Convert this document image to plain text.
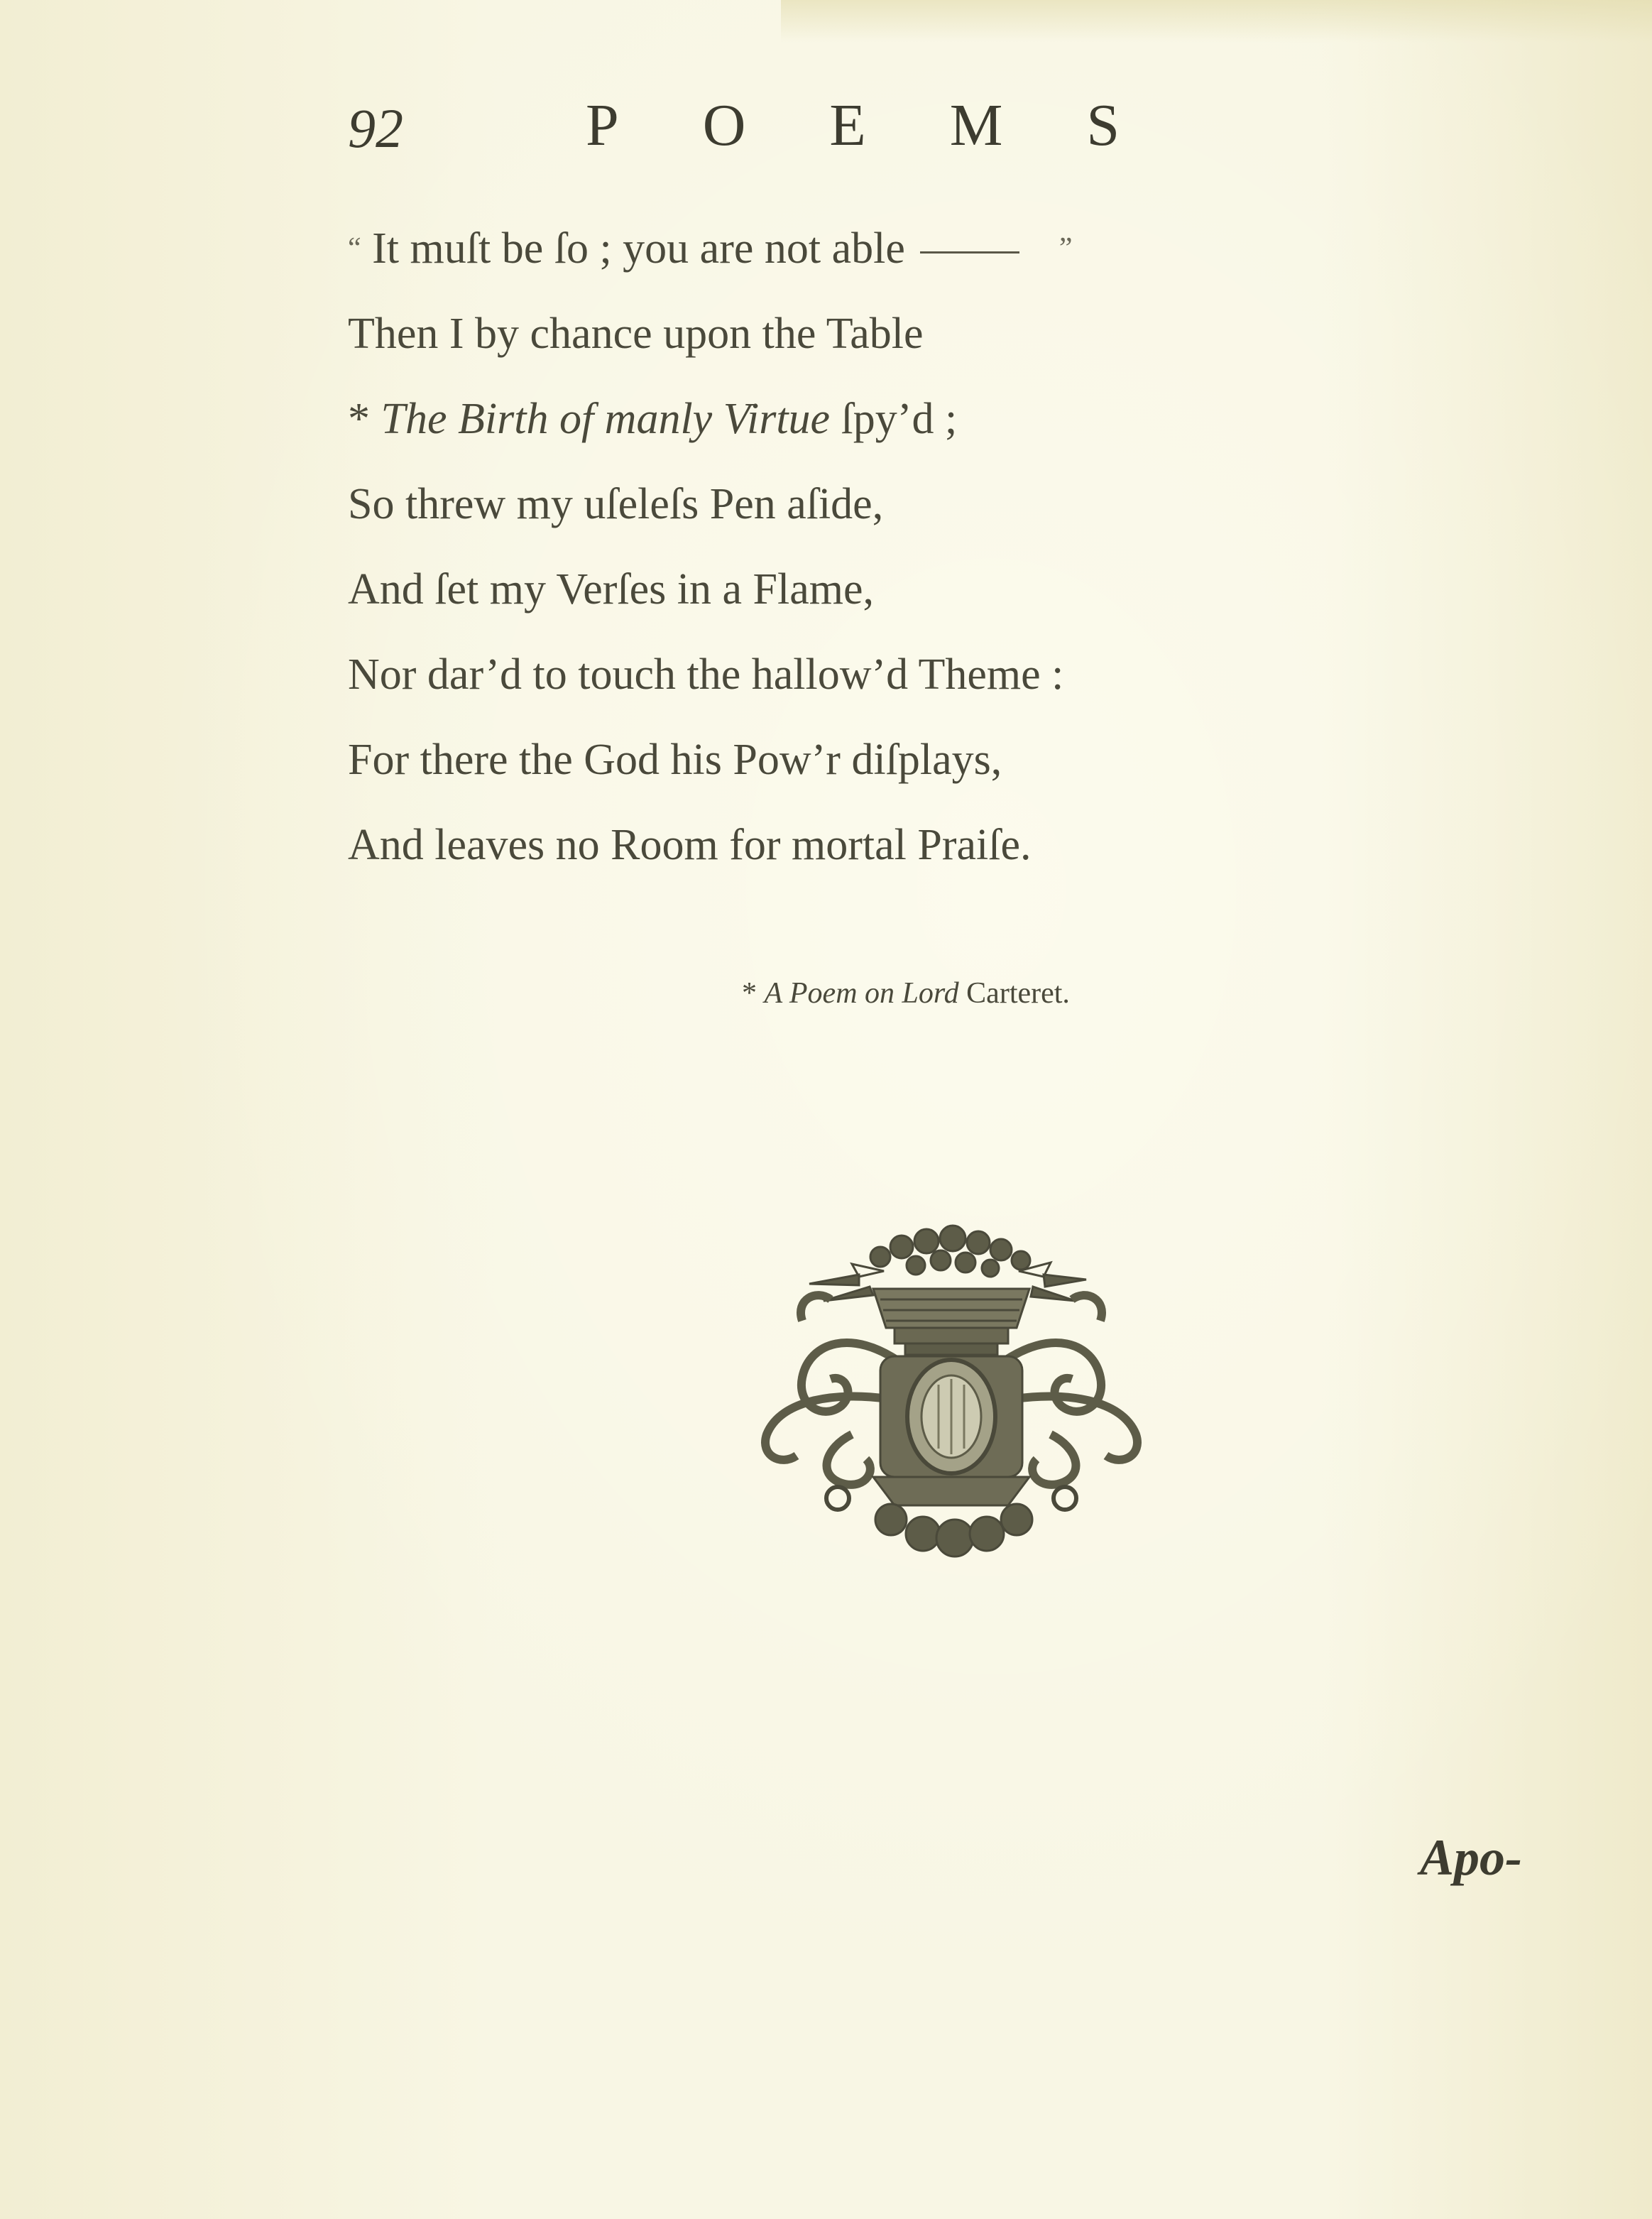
92	POEMS
“ It muſt be ſo ; you are not able	”
Then I by chance upon the Table
* The Birth of manly Virtue ſpy’d ;
So threw my uſeleſs Pen aſide,
And ſet my Verſes in a Flame,
Nor dar’d to touch the hallow’d Theme :
For there the God his Pow’r diſplays,
And leaves no Room for mortal Praiſe.
* A Poem on Lord Carteret.
Apo-
